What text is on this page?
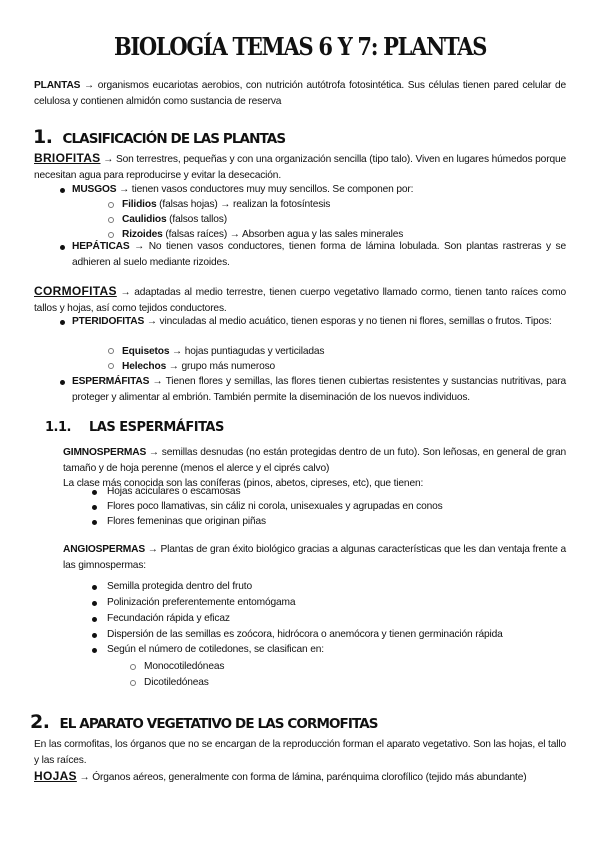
BIOLOGÍA TEMAS 6 Y 7: PLANTAS
PLANTAS → organismos eucariotas aerobios, con nutrición autótrofa fotosintética. Sus células tienen pared celular de celulosa y contienen almidón como sustancia de reserva
1. CLASIFICACIÓN DE LAS PLANTAS
BRIOFITAS → Son terrestres, pequeñas y con una organización sencilla (tipo talo). Viven en lugares húmedos porque necesitan agua para reproducirse y evitar la desecación.
MUSGOS → tienen vasos conductores muy muy sencillos. Se componen por:
Filidios (falsas hojas) → realizan la fotosíntesis
Caulidios (falsos tallos)
Rizoides (falsas raíces) → Absorben agua y las sales minerales
HEPÁTICAS → No tienen vasos conductores, tienen forma de lámina lobulada. Son plantas rastreras y se adhieren al suelo mediante rizoides.
CORMOFITAS → adaptadas al medio terrestre, tienen cuerpo vegetativo llamado cormo, tienen tanto raíces como tallos y hojas, así como tejidos conductores.
PTERIDOFITAS → vinculadas al medio acuático, tienen esporas y no tienen ni flores, semillas o frutos. Tipos:
Equisetos → hojas puntiagudas y verticiladas
Helechos → grupo más numeroso
ESPERMÁFITAS → Tienen flores y semillas, las flores tienen cubiertas resistentes y sustancias nutritivas, para proteger y alimentar al embrión. También permite la diseminación de los nuevos individuos.
1.1. LAS ESPERMÁFITAS
GIMNOSPERMAS → semillas desnudas (no están protegidas dentro de un futo). Son leñosas, en general de gran tamaño y de hoja perenne (menos el alerce y el ciprés calvo)
La clase más conocida son las coníferas (pinos, abetos, cipreses, etc), que tienen:
Hojas aciculares o escamosas
Flores poco llamativas, sin cáliz ni corola, unisexuales y agrupadas en conos
Flores femeninas que originan piñas
ANGIOSPERMAS → Plantas de gran éxito biológico gracias a algunas características que les dan ventaja frente a las gimnospermas:
Semilla protegida dentro del fruto
Polinización preferentemente entomógama
Fecundación rápida y eficaz
Dispersión de las semillas es zoócora, hidrócora o anemócora y tienen germinación rápida
Según el número de cotiledones, se clasifican en:
Monocotiledóneas
Dicotiledóneas
2. EL APARATO VEGETATIVO DE LAS CORMOFITAS
En las cormofitas, los órganos que no se encargan de la reproducción forman el aparato vegetativo. Son las hojas, el tallo y las raíces.
HOJAS → Órganos aéreos, generalmente con forma de lámina, parénquima clorofílico (tejido más abundante)
